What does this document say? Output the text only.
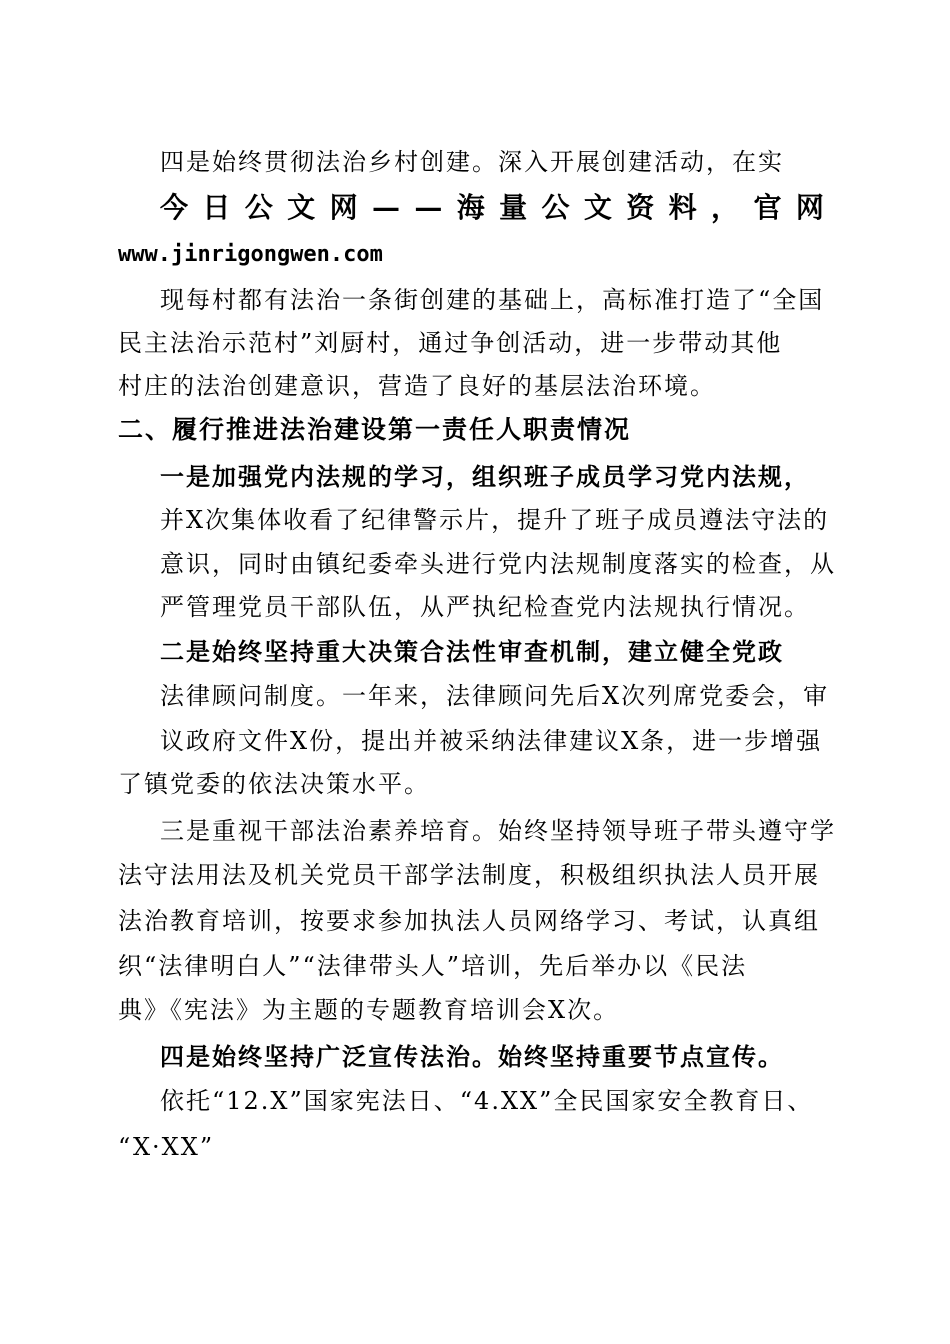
四是始终贯彻法治乡村创建。深入开展创建活动，在实
今 日 公 文 网 — — 海 量 公 文 资 料 ， 官 网
www.jinrigongwen.com
现每村都有法治一条街创建的基础上，高标准打造了“全国
民主法治示范村”刘厨村，通过争创活动，进一步带动其他
村庄的法治创建意识，营造了良好的基层法治环境。
二、履行推进法治建设第一责任人职责情况
一是加强党内法规的学习，组织班子成员学习党内法规，
并X次集体收看了纪律警示片，提升了班子成员遵法守法的
意识，同时由镇纪委牵头进行党内法规制度落实的检查，从
严管理党员干部队伍，从严执纪检查党内法规执行情况。
二是始终坚持重大决策合法性审查机制，建立健全党政
法律顾问制度。一年来，法律顾问先后X次列席党委会，审
议政府文件X份，提出并被采纳法律建议X条，进一步增强
了镇党委的依法决策水平。
三是重视干部法治素养培育。始终坚持领导班子带头遵守学
法守法用法及机关党员干部学法制度，积极组织执法人员开展
法治教育培训，按要求参加执法人员网络学习、考试，认真组
织“法律明白人”“法律带头人”培训，先后举办以《民法
典》《宪法》为主题的专题教育培训会X次。
四是始终坚持广泛宣传法治。始终坚持重要节点宣传。
依托“12.X”国家宪法日、“4.XX”全民国家安全教育日、
“X·XX”
